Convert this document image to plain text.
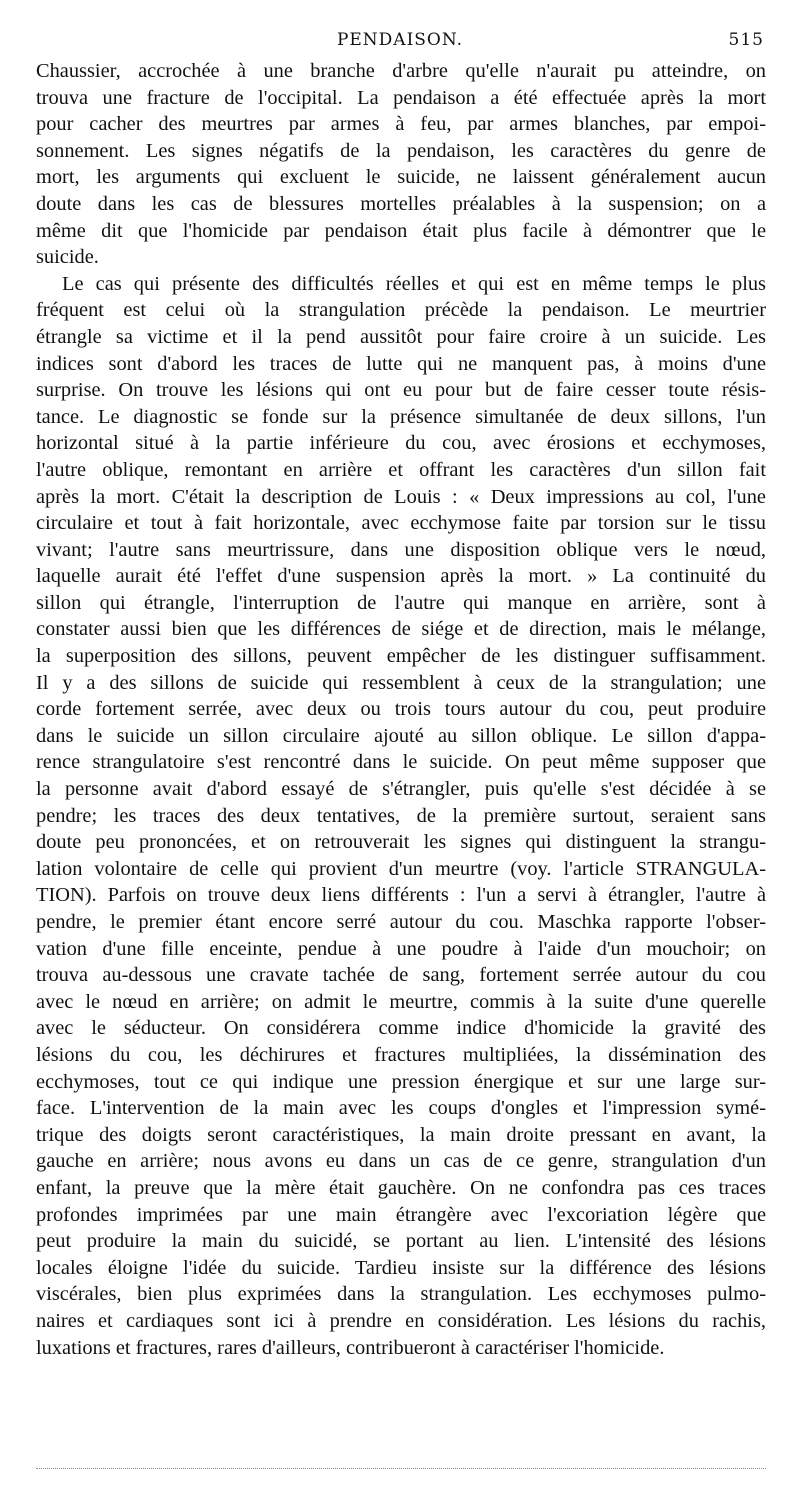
PENDAISON.	515
Chaussier, accrochée à une branche d'arbre qu'elle n'aurait pu atteindre, on
trouva une fracture de l'occipital. La pendaison a été effectuée après la mort
pour cacher des meurtres par armes à feu, par armes blanches, par empoi-
sonnement. Les signes négatifs de la pendaison, les caractères du genre de
mort, les arguments qui excluent le suicide, ne laissent généralement aucun
doute dans les cas de blessures mortelles préalables à la suspension; on a
même dit que l'homicide par pendaison était plus facile à démontrer que le
suicide.
Le cas qui présente des difficultés réelles et qui est en même temps le plus
fréquent est celui où la strangulation précède la pendaison. Le meurtrier
étrangle sa victime et il la pend aussitôt pour faire croire à un suicide. Les
indices sont d'abord les traces de lutte qui ne manquent pas, à moins d'une
surprise. On trouve les lésions qui ont eu pour but de faire cesser toute résis-
tance. Le diagnostic se fonde sur la présence simultanée de deux sillons, l'un
horizontal situé à la partie inférieure du cou, avec érosions et ecchymoses,
l'autre oblique, remontant en arrière et offrant les caractères d'un sillon fait
après la mort. C'était la description de Louis : « Deux impressions au col, l'une
circulaire et tout à fait horizontale, avec ecchymose faite par torsion sur le tissu
vivant; l'autre sans meurtrissure, dans une disposition oblique vers le nœud,
laquelle aurait été l'effet d'une suspension après la mort. » La continuité du
sillon qui étrangle, l'interruption de l'autre qui manque en arrière, sont à
constater aussi bien que les différences de siége et de direction, mais le mélange,
la superposition des sillons, peuvent empêcher de les distinguer suffisamment.
Il y a des sillons de suicide qui ressemblent à ceux de la strangulation; une
corde fortement serrée, avec deux ou trois tours autour du cou, peut produire
dans le suicide un sillon circulaire ajouté au sillon oblique. Le sillon d'appa-
rence strangulatoire s'est rencontré dans le suicide. On peut même supposer que
la personne avait d'abord essayé de s'étrangler, puis qu'elle s'est décidée à se
pendre; les traces des deux tentatives, de la première surtout, seraient sans
doute peu prononcées, et on retrouverait les signes qui distinguent la strangu-
lation volontaire de celle qui provient d'un meurtre (voy. l'article STRANGULA-
TION). Parfois on trouve deux liens différents : l'un a servi à étrangler, l'autre à
pendre, le premier étant encore serré autour du cou. Maschka rapporte l'obser-
vation d'une fille enceinte, pendue à une poudre à l'aide d'un mouchoir; on
trouva au-dessous une cravate tachée de sang, fortement serrée autour du cou
avec le nœud en arrière; on admit le meurtre, commis à la suite d'une querelle
avec le séducteur. On considérera comme indice d'homicide la gravité des
lésions du cou, les déchirures et fractures multipliées, la dissémination des
ecchymoses, tout ce qui indique une pression énergique et sur une large sur-
face. L'intervention de la main avec les coups d'ongles et l'impression symé-
trique des doigts seront caractéristiques, la main droite pressant en avant, la
gauche en arrière; nous avons eu dans un cas de ce genre, strangulation d'un
enfant, la preuve que la mère était gauchère. On ne confondra pas ces traces
profondes imprimées par une main étrangère avec l'excoriation légère que
peut produire la main du suicidé, se portant au lien. L'intensité des lésions
locales éloigne l'idée du suicide. Tardieu insiste sur la différence des lésions
viscérales, bien plus exprimées dans la strangulation. Les ecchymoses pulmo-
naires et cardiaques sont ici à prendre en considération. Les lésions du rachis,
luxations et fractures, rares d'ailleurs, contribueront à caractériser l'homicide.
